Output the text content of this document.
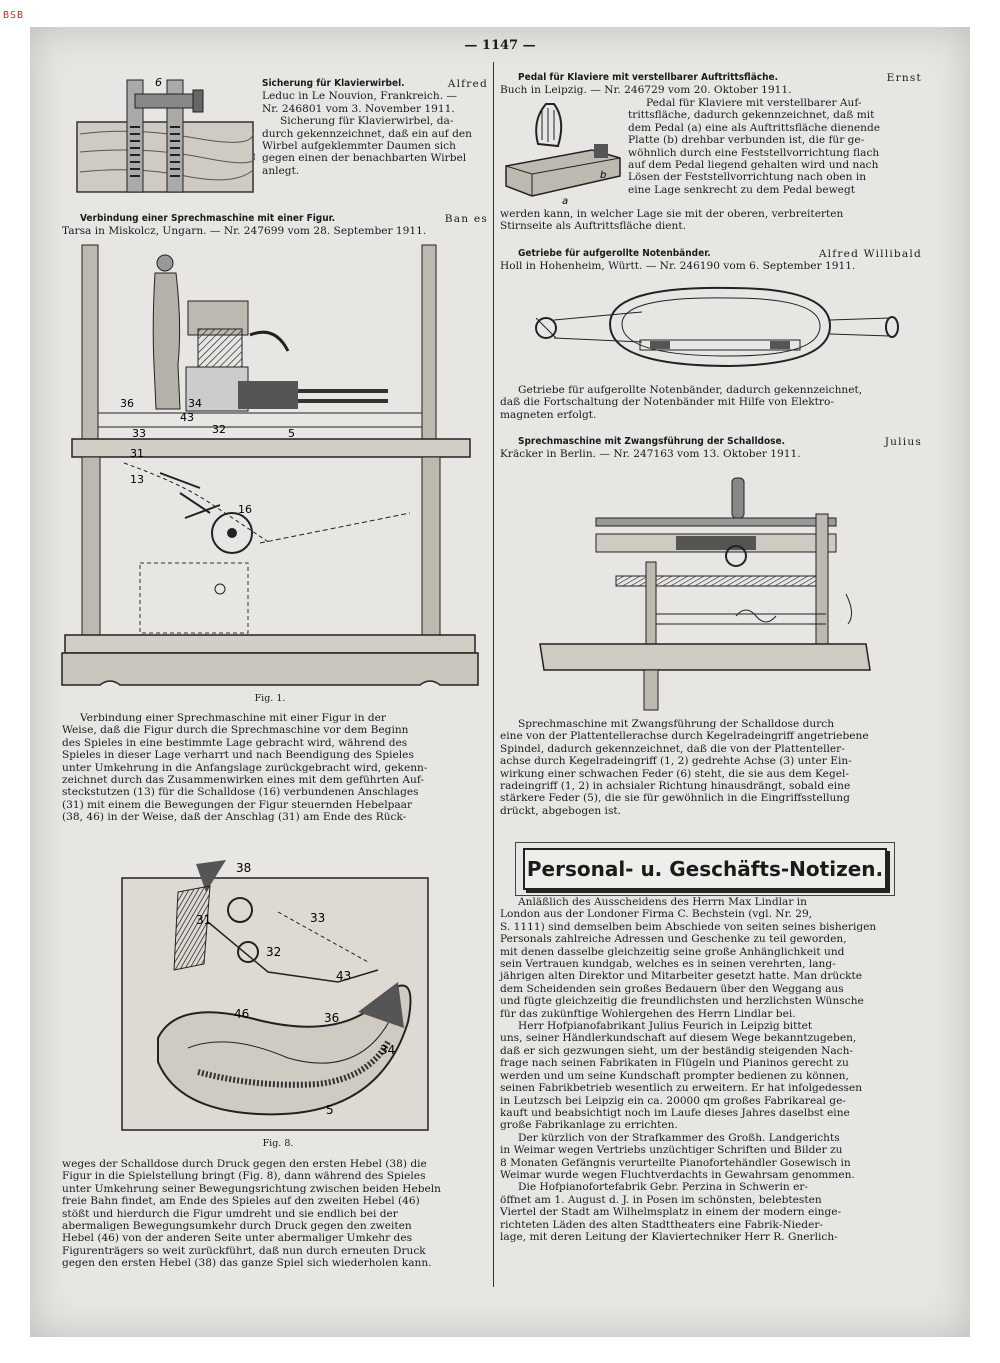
BSB
— 1147 —
6	Sicherung für Klavierwirbel.	Alfred

Leduc in Le Nouvion, Frankreich. —

Nr. 246801 vom 3. November 1911.

Sicherung für Klavierwirbel, da-

durch gekennzeichnet, daß ein auf den

Wirbel aufgeklemmter Daumen sich

gegen einen der benachbarten Wirbel

anlegt.

Verbindung einer Sprechmaschine mit einer Figur.	Ban es

Tarsa in Miskolcz, Ungarn. — Nr. 247699 vom 28. September 1911.

36	34
43
32	5
33
31
13
16
Fig. 1.

Verbindung einer Sprechmaschine mit einer Figur in der

Weise, daß die Figur durch die Sprechmaschine vor dem Beginn

des Spieles in eine bestimmte Lage gebracht wird, während des

Spieles in dieser Lage verharrt und nach Beendigung des Spieles

unter Umkehrung in die Anfangslage zurückgebracht wird, gekenn-

zeichnet durch das Zusammenwirken eines mit dem geführten Auf-

steckstutzen (13) für die Schalldose (16) verbundenen Anschlages

(31) mit einem die Bewegungen der Figur steuernden Hebelpaar

(38, 46) in der Weise, daß der Anschlag (31) am Ende des Rück-

38
31	33
32
43
46	36
34
5
Fig. 8.

weges der Schalldose durch Druck gegen den ersten Hebel (38) die

Figur in die Spielstellung bringt (Fig. 8), dann während des Spieles

unter Umkehrung seiner Bewegungsrichtung zwischen beiden Hebeln

freie Bahn findet, am Ende des Spieles auf den zweiten Hebel (46)

stößt und hierdurch die Figur umdreht und sie endlich bei der

abermaligen Bewegungsumkehr durch Druck gegen den zweiten

Hebel (46) von der anderen Seite unter abermaliger Umkehr des

Figurenträgers so weit zurückführt, daß nun durch erneuten Druck

gegen den ersten Hebel (38) das ganze Spiel sich wiederholen kann.

Pedal für Klaviere mit verstellbarer Auftrittsfläche.	Ernst

Buch in Leipzig. — Nr. 246729 vom 20. Oktober 1911.

b
a

Pedal für Klaviere mit verstellbarer Auf-

trittsfläche, dadurch gekennzeichnet, daß mit

dem Pedal (a) eine als Auftrittsfläche dienende

Platte (b) drehbar verbunden ist, die für ge-

wöhnlich durch eine Feststellvorrichtung flach

auf dem Pedal liegend gehalten wird und nach

Lösen der Feststellvorrichtung nach oben in

eine Lage senkrecht zu dem Pedal bewegt

werden kann, in welcher Lage sie mit der oberen, verbreiterten

Stirnseite als Auftrittsfläche dient.

Getriebe für aufgerollte Notenbänder.	Alfred Willibald

Holl in Hohenheim, Württ. — Nr. 246190 vom 6. September 1911.

Getriebe für aufgerollte Notenbänder, dadurch gekennzeichnet,

daß die Fortschaltung der Notenbänder mit Hilfe von Elektro-

magneten erfolgt.

Sprechmaschine mit Zwangsführung der Schalldose.	Julius

Kräcker in Berlin. — Nr. 247163 vom 13. Oktober 1911.

Sprechmaschine mit Zwangsführung der Schalldose durch

eine von der Plattentellerachse durch Kegelradeingriff angetriebene

Spindel, dadurch gekennzeichnet, daß die von der Plattenteller-

achse durch Kegelradeingriff (1, 2) gedrehte Achse (3) unter Ein-

wirkung einer schwachen Feder (6) steht, die sie aus dem Kegel-

radeingriff (1, 2) in achsialer Richtung hinausdrängt, sobald eine

stärkere Feder (5), die sie für gewöhnlich in die Eingriffsstellung

drückt, abgebogen ist.

Personal- u. Geschäfts-Notizen.

Anläßlich des Ausscheidens des Herrn Max Lindlar in

London aus der Londoner Firma C. Bechstein (vgl. Nr. 29,

S. 1111) sind demselben beim Abschiede von seiten seines bisherigen

Personals zahlreiche Adressen und Geschenke zu teil geworden,

mit denen dasselbe gleichzeitig seine große Anhänglichkeit und

sein Vertrauen kundgab, welches es in seinen verehrten, lang-

jährigen alten Direktor und Mitarbeiter gesetzt hatte. Man drückte

dem Scheidenden sein großes Bedauern über den Weggang aus

und fügte gleichzeitig die freundlichsten und herzlichsten Wünsche

für das zukünftige Wohlergehen des Herrn Lindlar bei.

Herr Hofpianofabrikant Julius Feurich in Leipzig bittet

uns, seiner Händlerkundschaft auf diesem Wege bekanntzugeben,

daß er sich gezwungen sieht, um der beständig steigenden Nach-

frage nach seinen Fabrikaten in Flügeln und Pianinos gerecht zu

werden und um seine Kundschaft prompter bedienen zu können,

seinen Fabrikbetrieb wesentlich zu erweitern. Er hat infolgedessen

in Leutzsch bei Leipzig ein ca. 20000 qm großes Fabrikareal ge-

kauft und beabsichtigt noch im Laufe dieses Jahres daselbst eine

große Fabrikanlage zu errichten.

Der kürzlich von der Strafkammer des Großh. Landgerichts

in Weimar wegen Vertriebs unzüchtiger Schriften und Bilder zu

8 Monaten Gefängnis verurteilte Pianofortehändler Gosewisch in

Weimar wurde wegen Fluchtverdachts in Gewahrsam genommen.

Die Hofpianofortefabrik Gebr. Perzina in Schwerin er-

öffnet am 1. August d. J. in Posen im schönsten, belebtesten

Viertel der Stadt am Wilhelmsplatz in einem der modern einge-

richteten Läden des alten Stadttheaters eine Fabrik-Nieder-

lage, mit deren Leitung der Klaviertechniker Herr R. Gnerlich-
